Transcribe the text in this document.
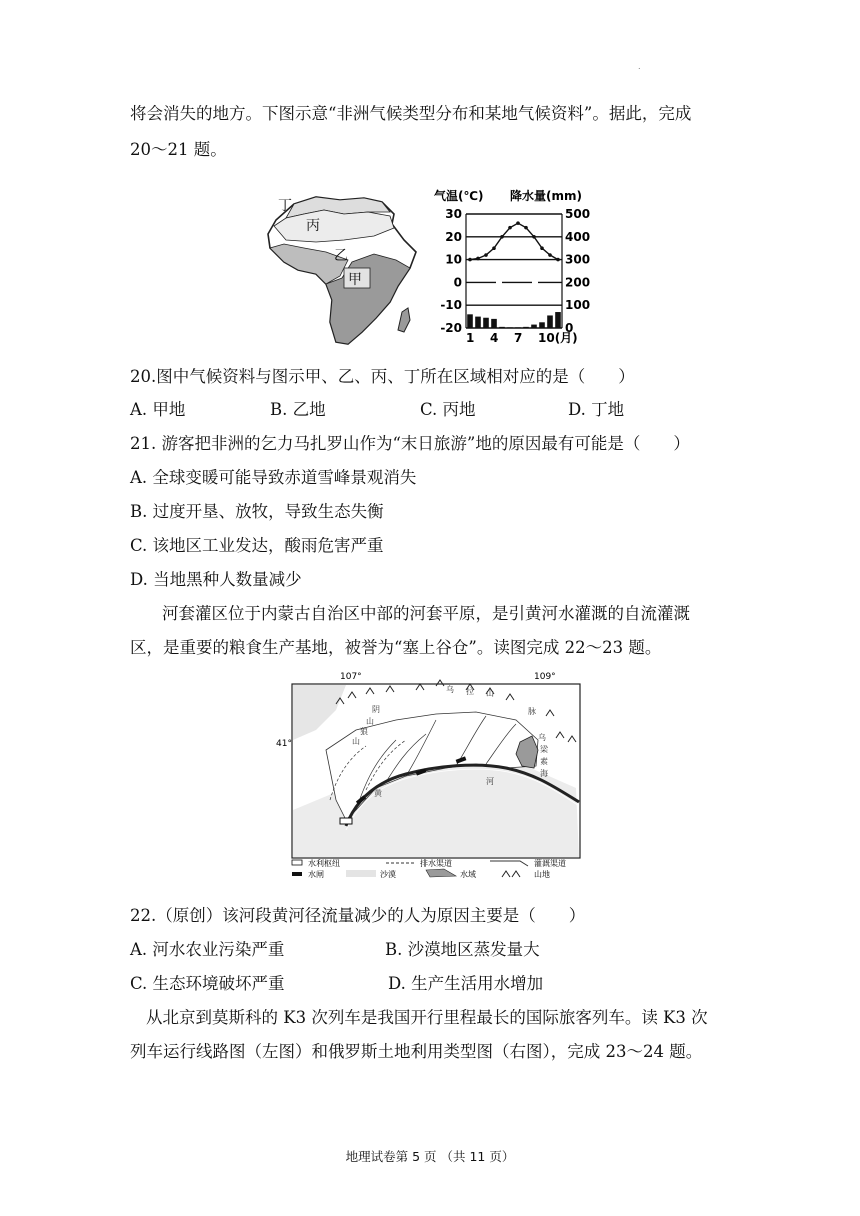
.
将会消失的地方。下图示意“非洲气候类型分布和某地气候资料”。据此，完成
20～21 题。
丁
丙
乙
甲
气温(℃) 降水量(mm)
30	500
20	400
10	300
0	200
-10	100
-20	0
1 4 7 10(月)
20.图中气候资料与图示甲、乙、丙、丁所在区域相对应的是（　　）
A. 甲地	B. 乙地	C. 丙地	D. 丁地
21. 游客把非洲的乞力马扎罗山作为“末日旅游”地的原因最有可能是（　　）
A. 全球变暖可能导致赤道雪峰景观消失
B. 过度开垦、放牧，导致生态失衡
C. 该地区工业发达，酸雨危害严重
D. 当地黑种人数量减少
河套灌区位于内蒙古自治区中部的河套平原，是引黄河水灌溉的自流灌溉
区，是重要的粮食生产基地，被誉为“塞上谷仓”。读图完成 22～23 题。
107°	109°
41°
阴
山
狼
山
乌 拉 山
脉
乌
梁
素
海
黄
河
水利枢纽	排水渠道	灌溉渠道
水闸	沙漠	水域	山地
22.（原创）该河段黄河径流量减少的人为原因主要是（　　）
A. 河水农业污染严重	B. 沙漠地区蒸发量大
C. 生态环境破坏严重	D. 生产生活用水增加
从北京到莫斯科的 K3 次列车是我国开行里程最长的国际旅客列车。读 K3 次
列车运行线路图（左图）和俄罗斯土地利用类型图（右图），完成 23～24 题。
地理试卷第 5 页 （共 11 页）
